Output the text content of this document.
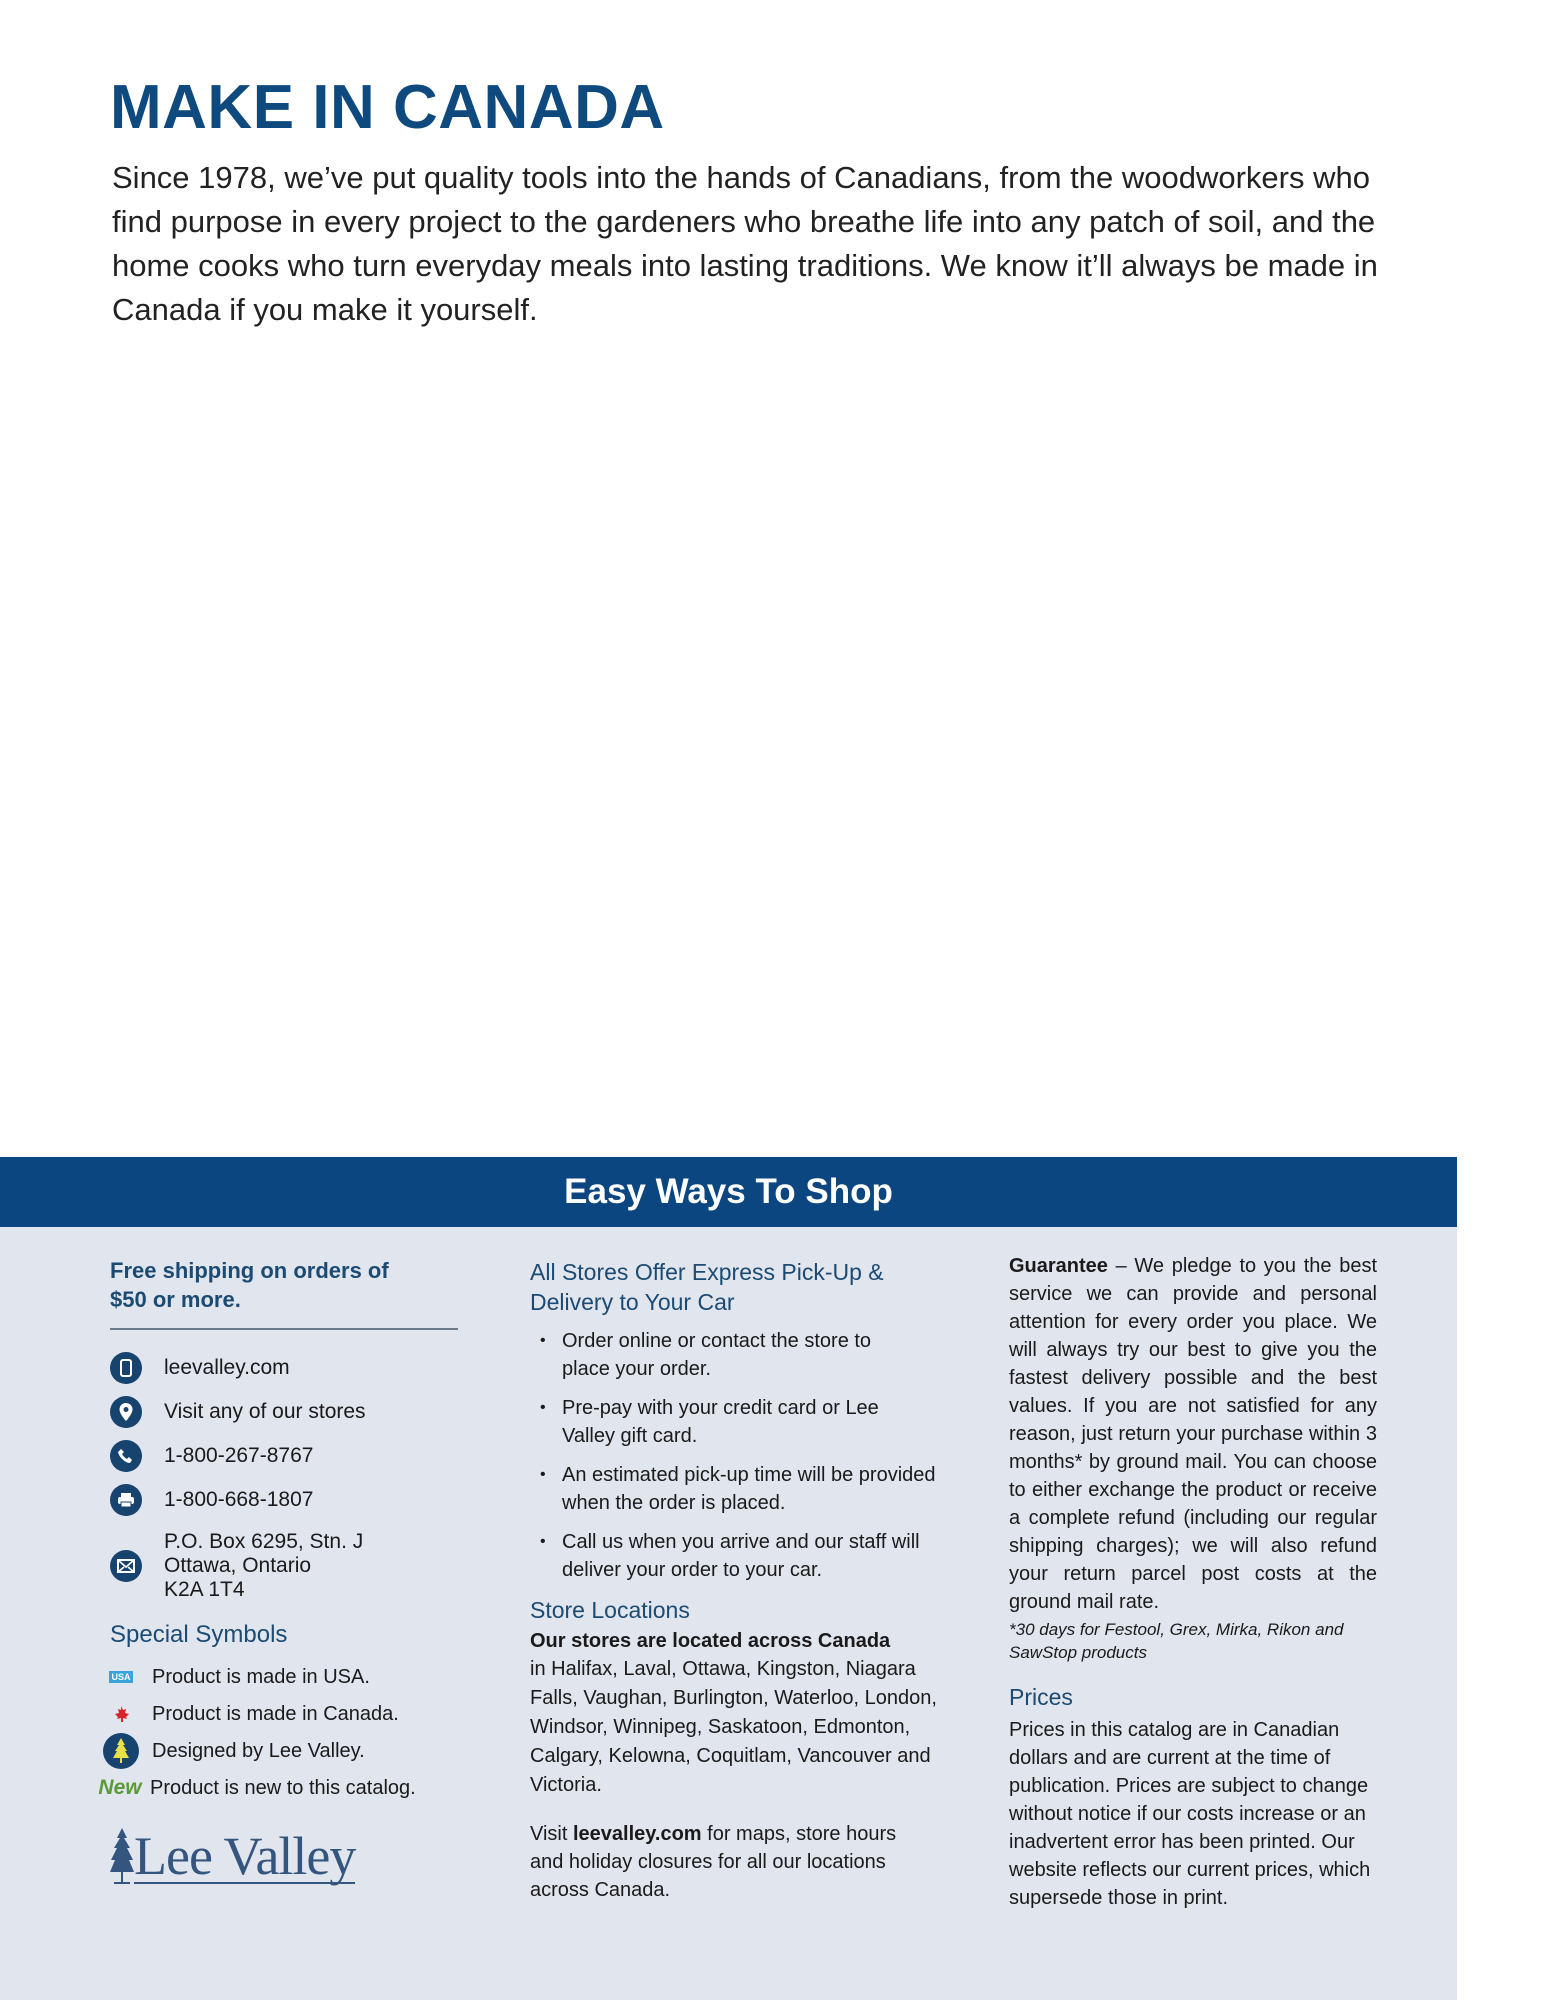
MAKE IN CANADA

Since 1978, we’ve put quality tools into the hands of Canadians, from the woodworkers who find purpose in every project to the gardeners who breathe life into any patch of soil, and the home cooks who turn everyday meals into lasting traditions. We know it’ll always be made in Canada if you make it yourself.

Easy Ways To Shop

Free shipping on orders of $50 or more.

leevalley.com
Visit any of our stores
1-800-267-8767
1-800-668-1807
P.O. Box 6295, Stn. J
Ottawa, Ontario
K2A 1T4

Special Symbols

USA Product is made in USA.
Product is made in Canada.
Designed by Lee Valley.
New Product is new to this catalog.
Lee Valley

All Stores Offer Express Pick-Up & Delivery to Your Car

• Order online or contact the store to place your order.
• Pre-pay with your credit card or Lee Valley gift card.
• An estimated pick-up time will be provided when the order is placed.
• Call us when you arrive and our staff will deliver your order to your car.

Store Locations

Our stores are located across Canada

in Halifax, Laval, Ottawa, Kingston, Niagara Falls, Vaughan, Burlington, Waterloo, London, Windsor, Winnipeg, Saskatoon, Edmonton, Calgary, Kelowna, Coquitlam, Vancouver and Victoria.

Visit leevalley.com for maps, store hours and holiday closures for all our locations across Canada.

Guarantee – We pledge to you the best service we can provide and personal attention for every order you place. We will always try our best to give you the fastest delivery possible and the best values. If you are not satisfied for any reason, just return your purchase within 3 months* by ground mail. You can choose to either exchange the product or receive a complete refund (including our regular shipping charges); we will also refund your return parcel post costs at the ground mail rate.

*30 days for Festool, Grex, Mirka, Rikon and SawStop products

Prices

Prices in this catalog are in Canadian dollars and are current at the time of publication. Prices are subject to change without notice if our costs increase or an inadvertent error has been printed. Our website reflects our current prices, which supersede those in print.
